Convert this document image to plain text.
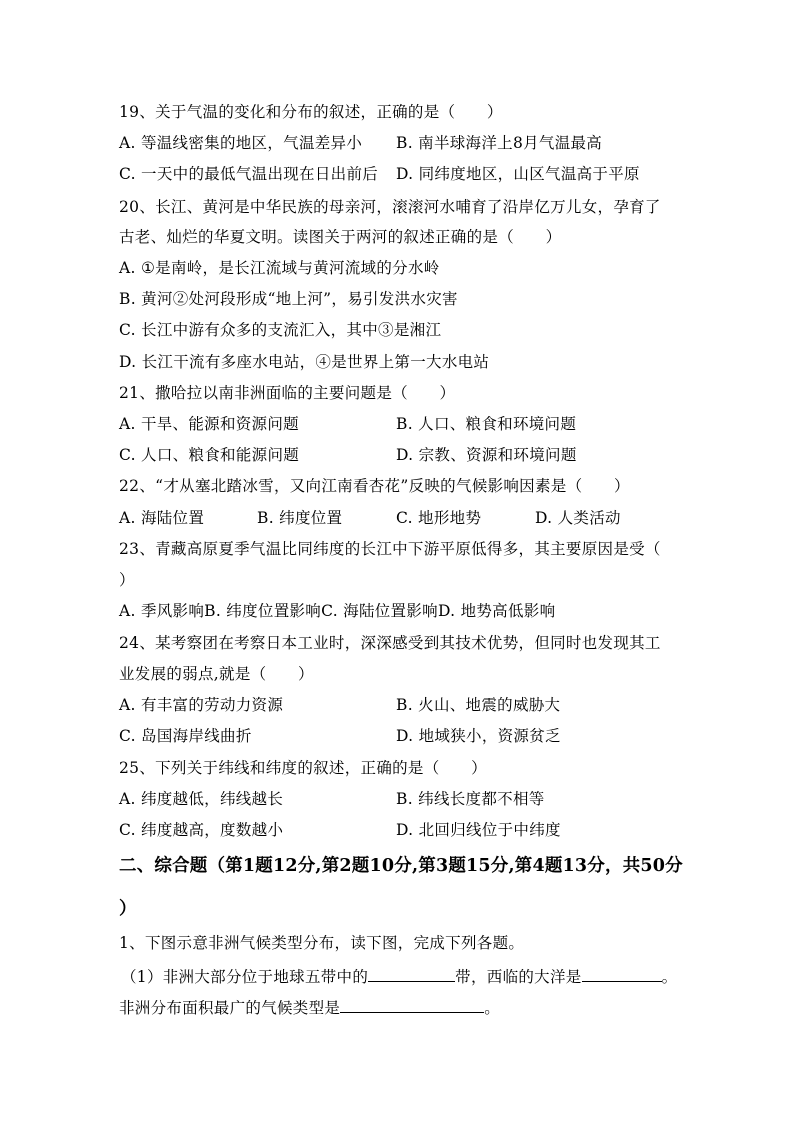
19、关于气温的变化和分布的叙述，正确的是（　　）

A. 等温线密集的地区，气温差异小 B. 南半球海洋上8月气温最高

C. 一天中的最低气温出现在日出前后 D. 同纬度地区，山区气温高于平原

20、长江、黄河是中华民族的母亲河，滚滚河水哺育了沿岸亿万儿女，孕育了

古老、灿烂的华夏文明。读图关于两河的叙述正确的是（　　）

A. ①是南岭，是长江流域与黄河流域的分水岭

B. 黄河②处河段形成“地上河”，易引发洪水灾害

C. 长江中游有众多的支流汇入，其中③是湘江

D. 长江干流有多座水电站，④是世界上第一大水电站

21、撒哈拉以南非洲面临的主要问题是（　　）

A. 干旱、能源和资源问题	B. 人口、粮食和环境问题

C. 人口、粮食和能源问题	D. 宗教、资源和环境问题

22、“才从塞北踏冰雪，又向江南看杏花”反映的气候影响因素是（　　）

A. 海陆位置	B. 纬度位置	C. 地形地势	D. 人类活动

23、青藏高原夏季气温比同纬度的长江中下游平原低得多，其主要原因是受（

）

A. 季风影响B. 纬度位置影响C. 海陆位置影响D. 地势高低影响

24、某考察团在考察日本工业时，深深感受到其技术优势，但同时也发现其工

业发展的弱点,就是（　　）

A. 有丰富的劳动力资源	B. 火山、地震的威胁大

C. 岛国海岸线曲折	D. 地域狭小，资源贫乏

25、下列关于纬线和纬度的叙述，正确的是（　　）

A. 纬度越低，纬线越长	B. 纬线长度都不相等

C. 纬度越高，度数越小	D. 北回归线位于中纬度

二、综合题（第1题12分,第2题10分,第3题15分,第4题13分，共50分

）

1、下图示意非洲气候类型分布，读下图，完成下列各题。

（1）非洲大部分位于地球五带中的	带，西临的大洋是	。

非洲分布面积最广的气候类型是	。
